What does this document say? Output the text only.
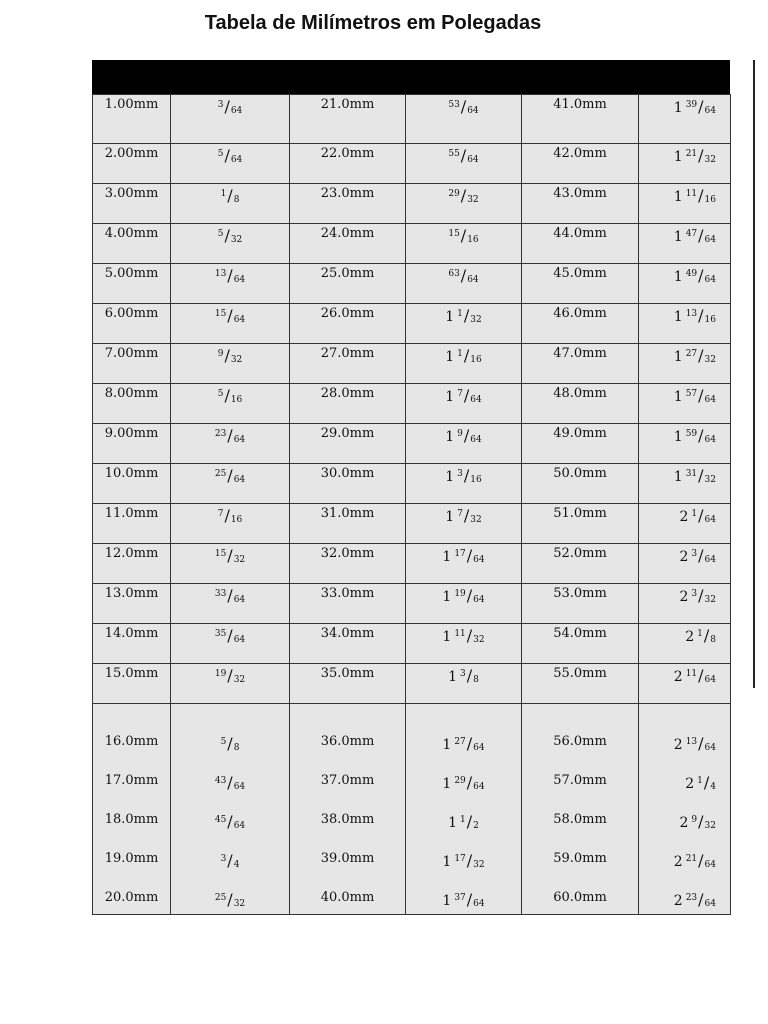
Tabela de Milímetros em Polegadas
1.00mm	$^3/_{64}$	21.0mm	$^{53}/_{64}$	41.0mm	1 $^{39}/_{64}$
2.00mm	$^5/_{64}$	22.0mm	$^{55}/_{64}$	42.0mm	1 $^{21}/_{32}$
3.00mm	$^1/_8$	23.0mm	$^{29}/_{32}$	43.0mm	1 $^{11}/_{16}$
4.00mm	$^5/_{32}$	24.0mm	$^{15}/_{16}$	44.0mm	1 $^{47}/_{64}$
5.00mm	$^{13}/_{64}$	25.0mm	$^{63}/_{64}$	45.0mm	1 $^{49}/_{64}$
6.00mm	$^{15}/_{64}$	26.0mm	1 $^1/_{32}$	46.0mm	1 $^{13}/_{16}$
7.00mm	$^9/_{32}$	27.0mm	1 $^1/_{16}$	47.0mm	1 $^{27}/_{32}$
8.00mm	$^5/_{16}$	28.0mm	1 $^7/_{64}$	48.0mm	1 $^{57}/_{64}$
9.00mm	$^{23}/_{64}$	29.0mm	1 $^9/_{64}$	49.0mm	1 $^{59}/_{64}$
10.0mm	$^{25}/_{64}$	30.0mm	1 $^3/_{16}$	50.0mm	1 $^{31}/_{32}$
11.0mm	$^7/_{16}$	31.0mm	1 $^7/_{32}$	51.0mm	2 $^1/_{64}$
12.0mm	$^{15}/_{32}$	32.0mm	1 $^{17}/_{64}$	52.0mm	2 $^3/_{64}$
13.0mm	$^{33}/_{64}$	33.0mm	1 $^{19}/_{64}$	53.0mm	2 $^3/_{32}$
14.0mm	$^{35}/_{64}$	34.0mm	1 $^{11}/_{32}$	54.0mm	2 $^1/_8$
15.0mm	$^{19}/_{32}$	35.0mm	1 $^3/_8$	55.0mm	2 $^{11}/_{64}$
16.0mm	$^5/_8$	36.0mm	1 $^{27}/_{64}$	56.0mm	2 $^{13}/_{64}$
17.0mm	$^{43}/_{64}$	37.0mm	1 $^{29}/_{64}$	57.0mm	2 $^1/_4$
18.0mm	$^{45}/_{64}$	38.0mm	1 $^1/_2$	58.0mm	2 $^9/_{32}$
19.0mm	$^3/_4$	39.0mm	1 $^{17}/_{32}$	59.0mm	2 $^{21}/_{64}$
20.0mm	$^{25}/_{32}$	40.0mm	1 $^{37}/_{64}$	60.0mm	2 $^{23}/_{64}$
